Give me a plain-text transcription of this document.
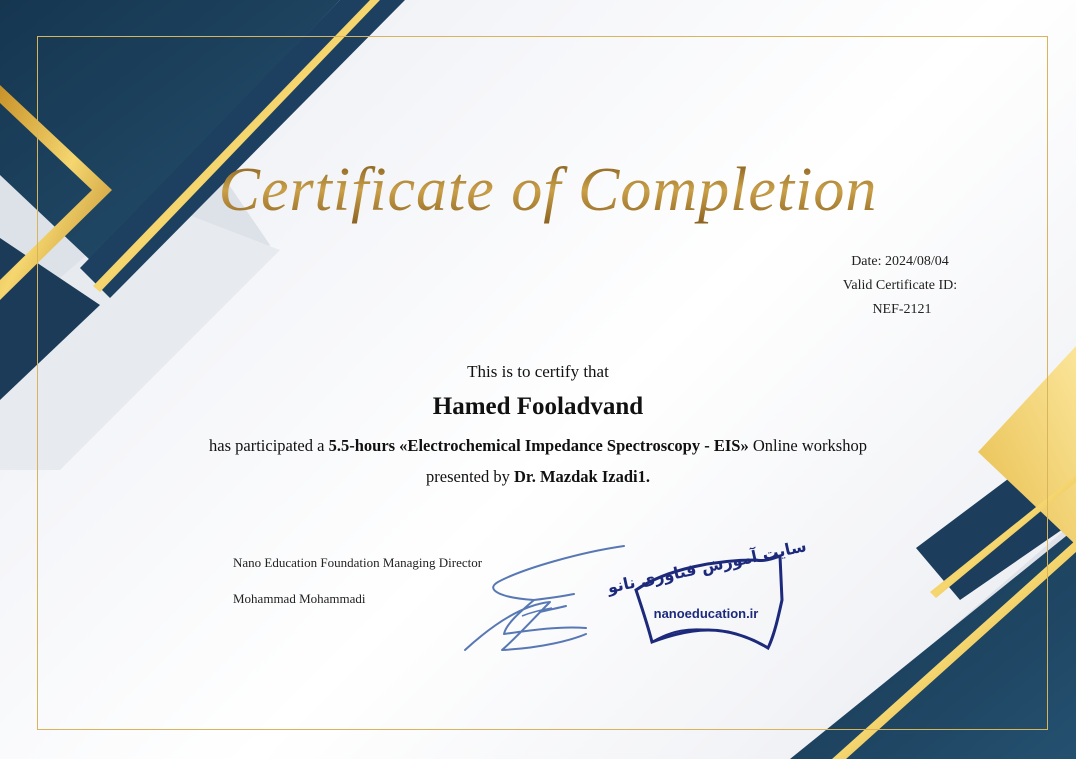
Certificate of Completion
Date: 2024/08/04
Valid Certificate ID:
NEF-2121
This is to certify that
Hamed Fooladvand
has participated a 5.5-hours «Electrochemical Impedance Spectroscopy - EIS» Online workshop
presented by Dr. Mazdak Izadi1.
Nano Education Foundation Managing Director
Mohammad Mohammadi
سایت آموزش فناوری نانو
nanoeducation.ir
